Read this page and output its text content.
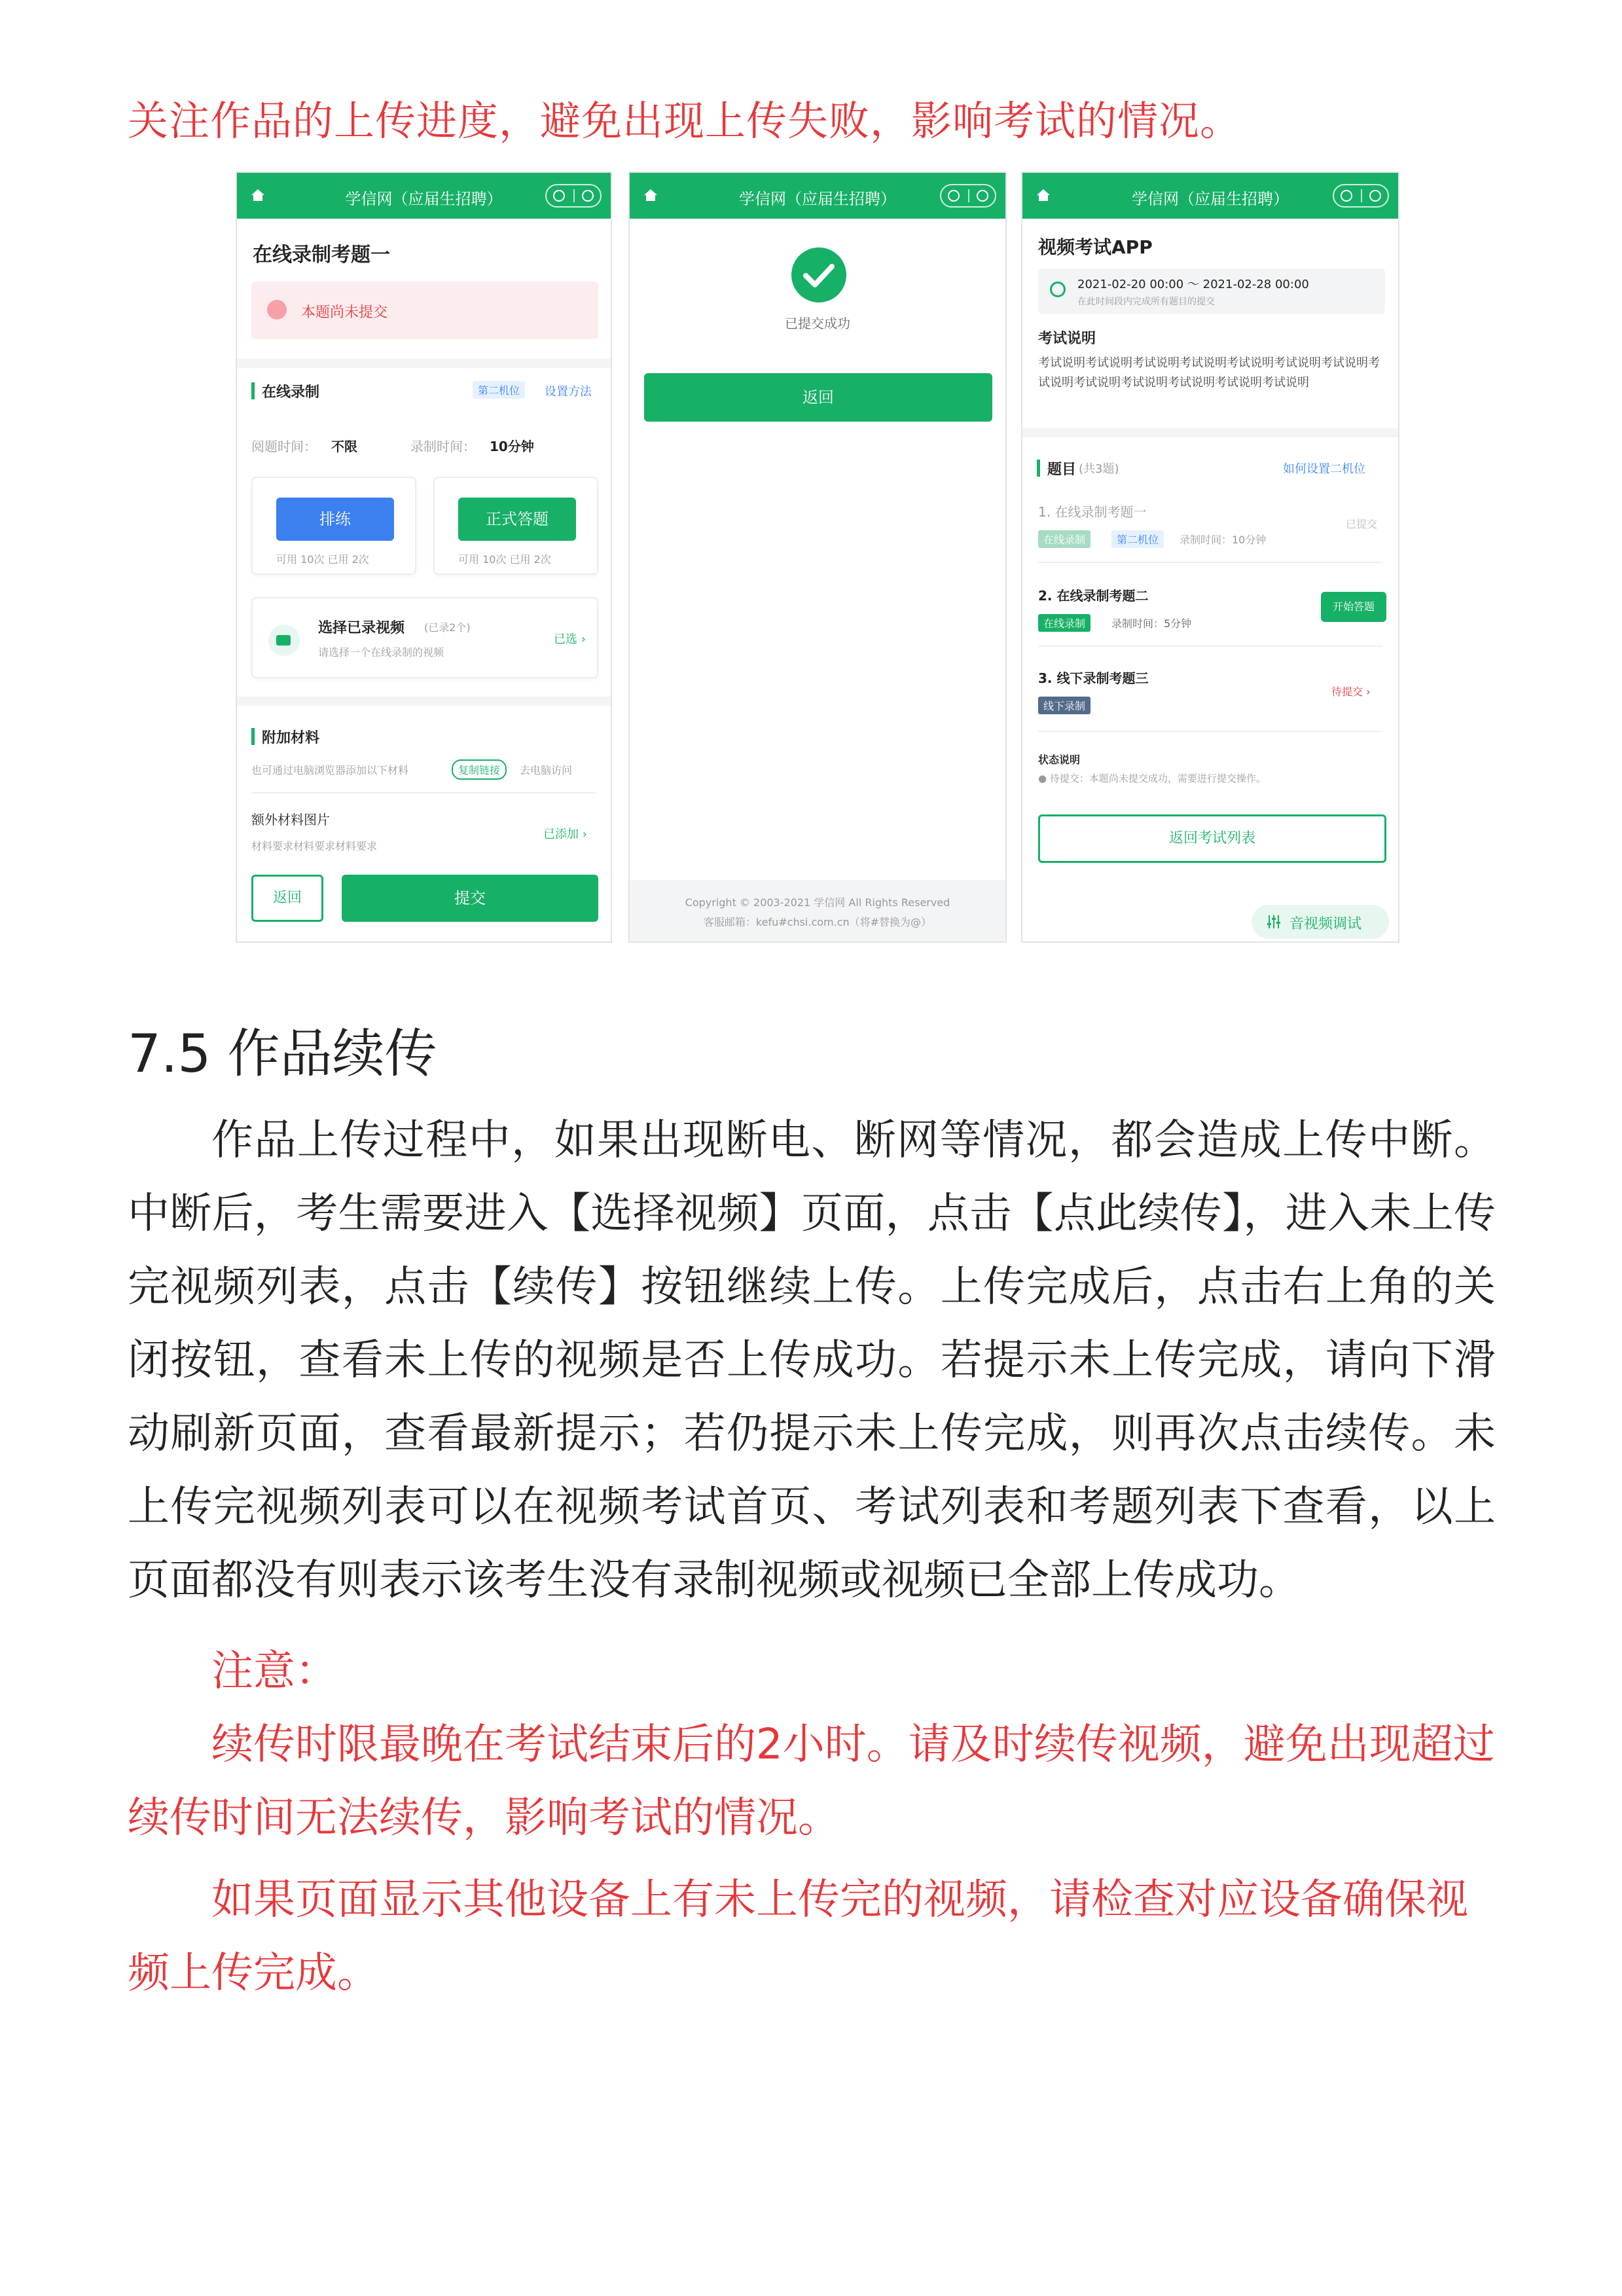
关注作品的上传进度，避免出现上传失败，影响考试的情况。
学信网（应届生招聘）
在线录制考题一
本题尚未提交
在线录制	第二机位	设置方法
阅题时间： 不限	录制时间： 10分钟
排练
可用 10次 已用 2次
正式答题
可用 10次 已用 2次
选择已录视频 (已录2个)
请选择一个在线录制的视频
已选 ›
附加材料
也可通过电脑浏览器添加以下材料	复制链接	去电脑访问
额外材料图片
材料要求材料要求材料要求
已添加 ›
返回	提交
学信网（应届生招聘）
已提交成功
返回
Copyright © 2003-2021 学信网 All Rights Reserved
客服邮箱：kefu#chsi.com.cn（将#替换为@）
学信网（应届生招聘）
视频考试APP
2021-02-20 00:00 ～ 2021-02-28 00:00
在此时间段内完成所有题目的提交
考试说明
考试说明考试说明考试说明考试说明考试说明考试说明考试说明考试说明考试说明考试说明考试说明考试说明考试说明
题目 (共3题)	如何设置二机位
1. 在线录制考题一
在线录制	第二机位	录制时间：10分钟
已提交
2. 在线录制考题二
在线录制	录制时间：5分钟
开始答题
3. 线下录制考题三
线下录制
待提交 ›
状态说明
● 待提交：本题尚未提交成功，需要进行提交操作。
返回考试列表
音视频调试
7.5 作品续传
作品上传过程中，如果出现断电、断网等情况，都会造成上传中断。中断后，考生需要进入【选择视频】页面，点击【点此续传】，进入未上传完视频列表，点击【续传】按钮继续上传。上传完成后，点击右上角的关闭按钮，查看未上传的视频是否上传成功。若提示未上传完成，请向下滑动刷新页面，查看最新提示；若仍提示未上传完成，则再次点击续传。未上传完视频列表可以在视频考试首页、考试列表和考题列表下查看，以上页面都没有则表示该考生没有录制视频或视频已全部上传成功。
注意：
续传时限最晚在考试结束后的2小时。请及时续传视频，避免出现超过续传时间无法续传，影响考试的情况。
如果页面显示其他设备上有未上传完的视频，请检查对应设备确保视频上传完成。
